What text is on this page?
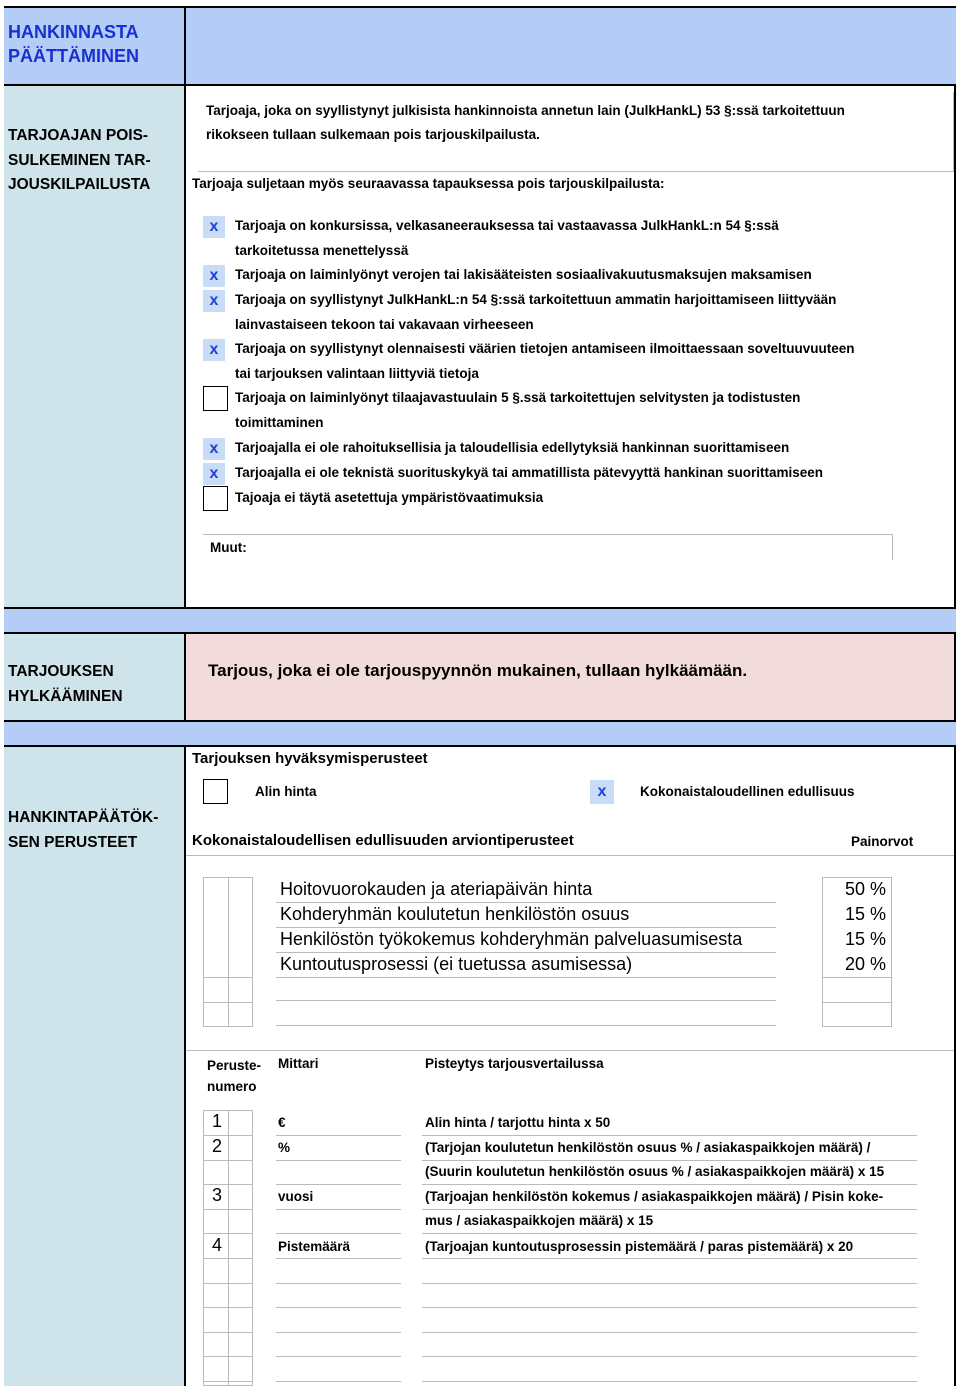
HANKINNASTA PÄÄTTÄMINEN
TARJOAJAN POIS-
SULKEMINEN TAR-
JOUSKILPAILUSTA
Tarjoaja, joka on syyllistynyt julkisista hankinnoista annetun lain (JulkHankL) 53 §:ssä tarkoitettuun
rikokseen tullaan sulkemaan pois tarjouskilpailusta.
Tarjoaja suljetaan myös seuraavassa tapauksessa pois tarjouskilpailusta:
x	Tarjoaja on konkursissa, velkasaneerauksessa tai vastaavassa JulkHankL:n 54 §:ssä
tarkoitetussa menettelyssä
x	Tarjoaja on laiminlyönyt verojen tai lakisääteisten sosiaalivakuutusmaksujen maksamisen
x	Tarjoaja on syyllistynyt JulkHankL:n 54 §:ssä tarkoitettuun ammatin harjoittamiseen liittyvään
lainvastaiseen tekoon tai vakavaan virheeseen
x	Tarjoaja on syyllistynyt olennaisesti väärien tietojen antamiseen ilmoittaessaan soveltuuvuuteen
tai tarjouksen valintaan liittyviä tietoja
Tarjoaja on laiminlyönyt tilaajavastuulain 5 §.ssä tarkoitettujen selvitysten ja todistusten
toimittaminen
x	Tarjoajalla ei ole rahoituksellisia ja taloudellisia edellytyksiä hankinnan suorittamiseen
x	Tarjoajalla ei ole teknistä suorituskykyä tai ammatillista pätevyyttä hankinan suorittamiseen
Tajoaja ei täytä asetettuja ympäristövaatimuksia
Muut:
TARJOUKSEN
HYLKÄÄMINEN
Tarjous, joka ei ole tarjouspyynnön mukainen, tullaan hylkäämään.
HANKINTAPÄÄTÖK-
SEN PERUSTEET
Tarjouksen hyväksymisperusteet
Alin hinta	x	Kokonaistaloudellinen edullisuus
Kokonaistaloudellisen edullisuuden arviontiperusteet	Painorvot
Hoitovuorokauden ja ateriapäivän hinta	50 %
Kohderyhmän koulutetun henkilöstön osuus	15 %
Henkilöstön työkokemus kohderyhmän palveluasumisesta	15 %
Kuntoutusprosessi (ei tuetussa asumisessa)	20 %
Peruste-
numero
Mittari	Pisteytys tarjousvertailussa
1	€	Alin hinta / tarjottu hinta x 50
2	%	(Tarjojan koulutetun henkilöstön osuus % / asiakaspaikkojen määrä) /
(Suurin koulutetun henkilöstön osuus % / asiakaspaikkojen määrä) x 15
3	vuosi	(Tarjoajan henkilöstön kokemus / asiakaspaikkojen määrä) / Pisin koke-
mus / asiakaspaikkojen määrä) x 15
4	Pistemäärä	(Tarjoajan kuntoutusprosessin pistemäärä / paras pistemäärä) x 20
